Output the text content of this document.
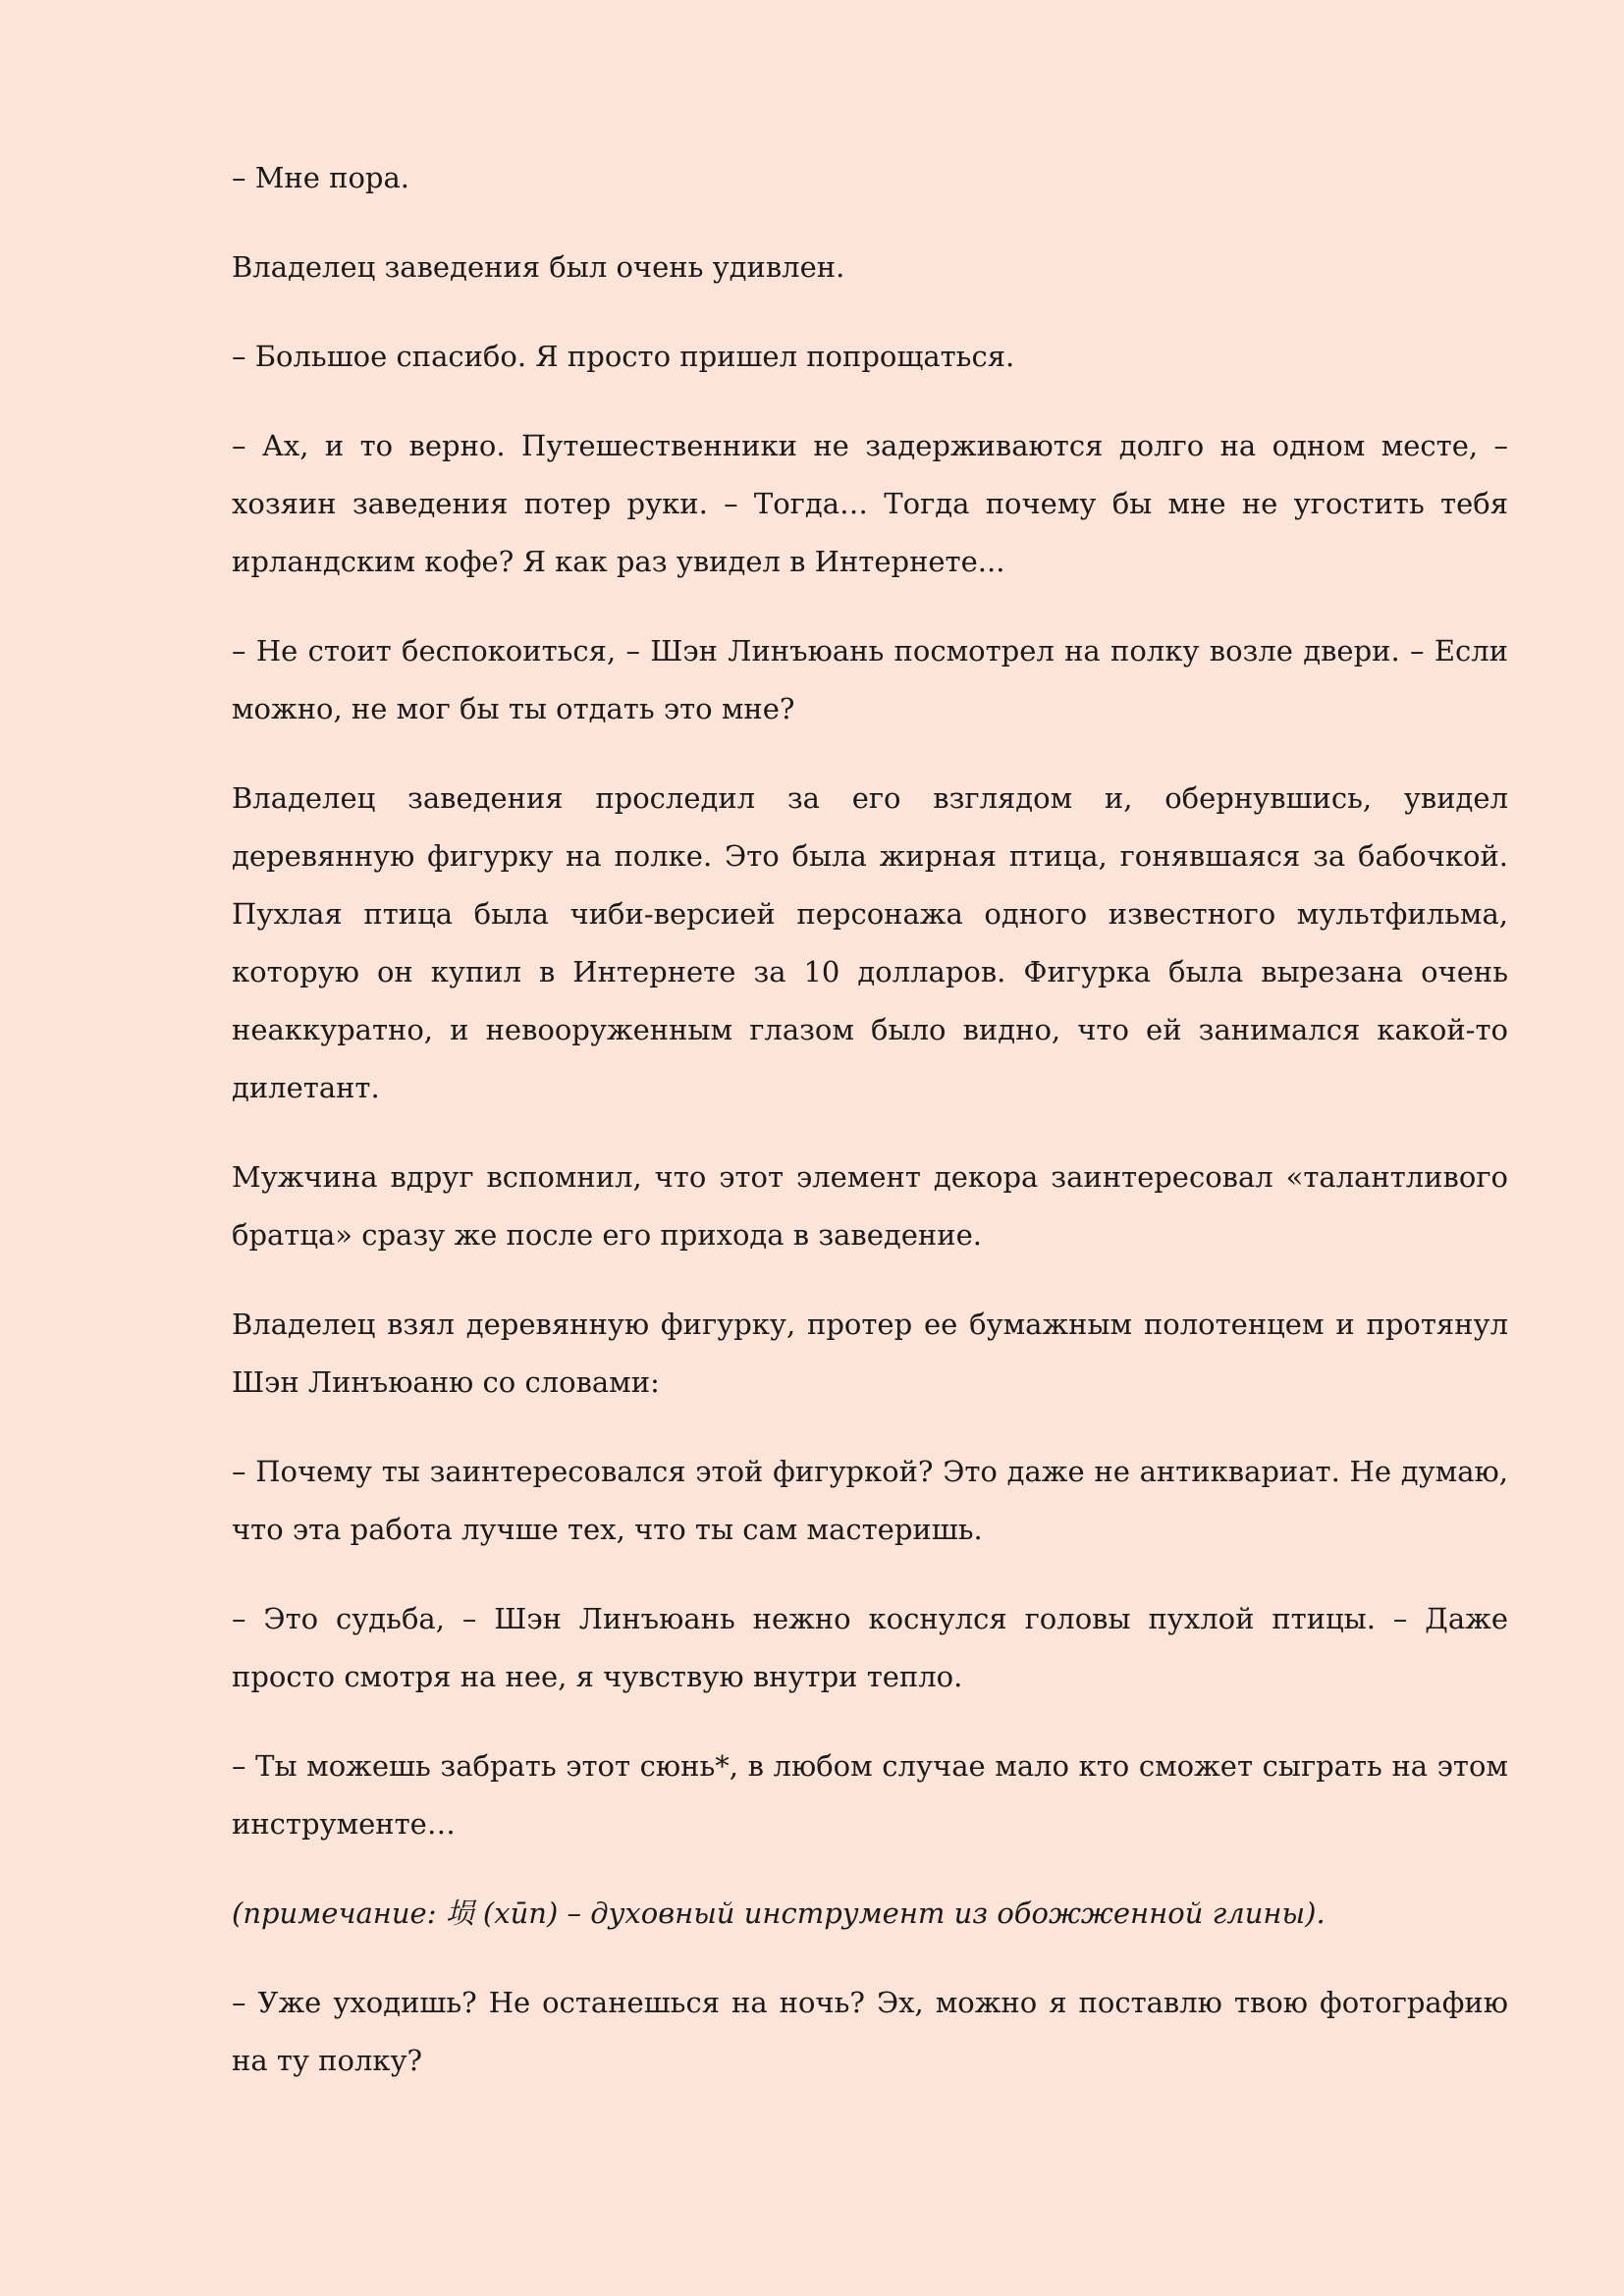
– Мне пора.

Владелец заведения был очень удивлен.

– Большое спасибо. Я просто пришел попрощаться.

– Ах, и то верно. Путешественники не задерживаются долго на одном месте, – хозяин заведения потер руки. – Тогда… Тогда почему бы мне не угостить тебя ирландским кофе? Я как раз увидел в Интернете...

– Не стоит беспокоиться, – Шэн Линъюань посмотрел на полку возле двери. – Если можно, не мог бы ты отдать это мне?

Владелец заведения проследил за его взглядом и, обернувшись, увидел деревянную фигурку на полке. Это была жирная птица, гонявшаяся за бабочкой. Пухлая птица была чиби-версией персонажа одного известного мультфильма, которую он купил в Интернете за 10 долларов. Фигурка была вырезана очень неаккуратно, и невооруженным глазом было видно, что ей занимался какой-то дилетант.

Мужчина вдруг вспомнил, что этот элемент декора заинтересовал «талантливого братца» сразу же после его прихода в заведение.

Владелец взял деревянную фигурку, протер ее бумажным полотенцем и протянул Шэн Линъюаню со словами:

– Почему ты заинтересовался этой фигуркой? Это даже не антиквариат. Не думаю, что эта работа лучше тех, что ты сам мастеришь.

– Это судьба, – Шэн Линъюань нежно коснулся головы пухлой птицы. – Даже просто смотря на нее, я чувствую внутри тепло.

– Ты можешь забрать этот сюнь*, в любом случае мало кто сможет сыграть на этом инструменте…

(примечание: 埙 (xūn) – духовный инструмент из обожженной глины).

– Уже уходишь? Не останешься на ночь? Эх, можно я поставлю твою фотографию на ту полку?
